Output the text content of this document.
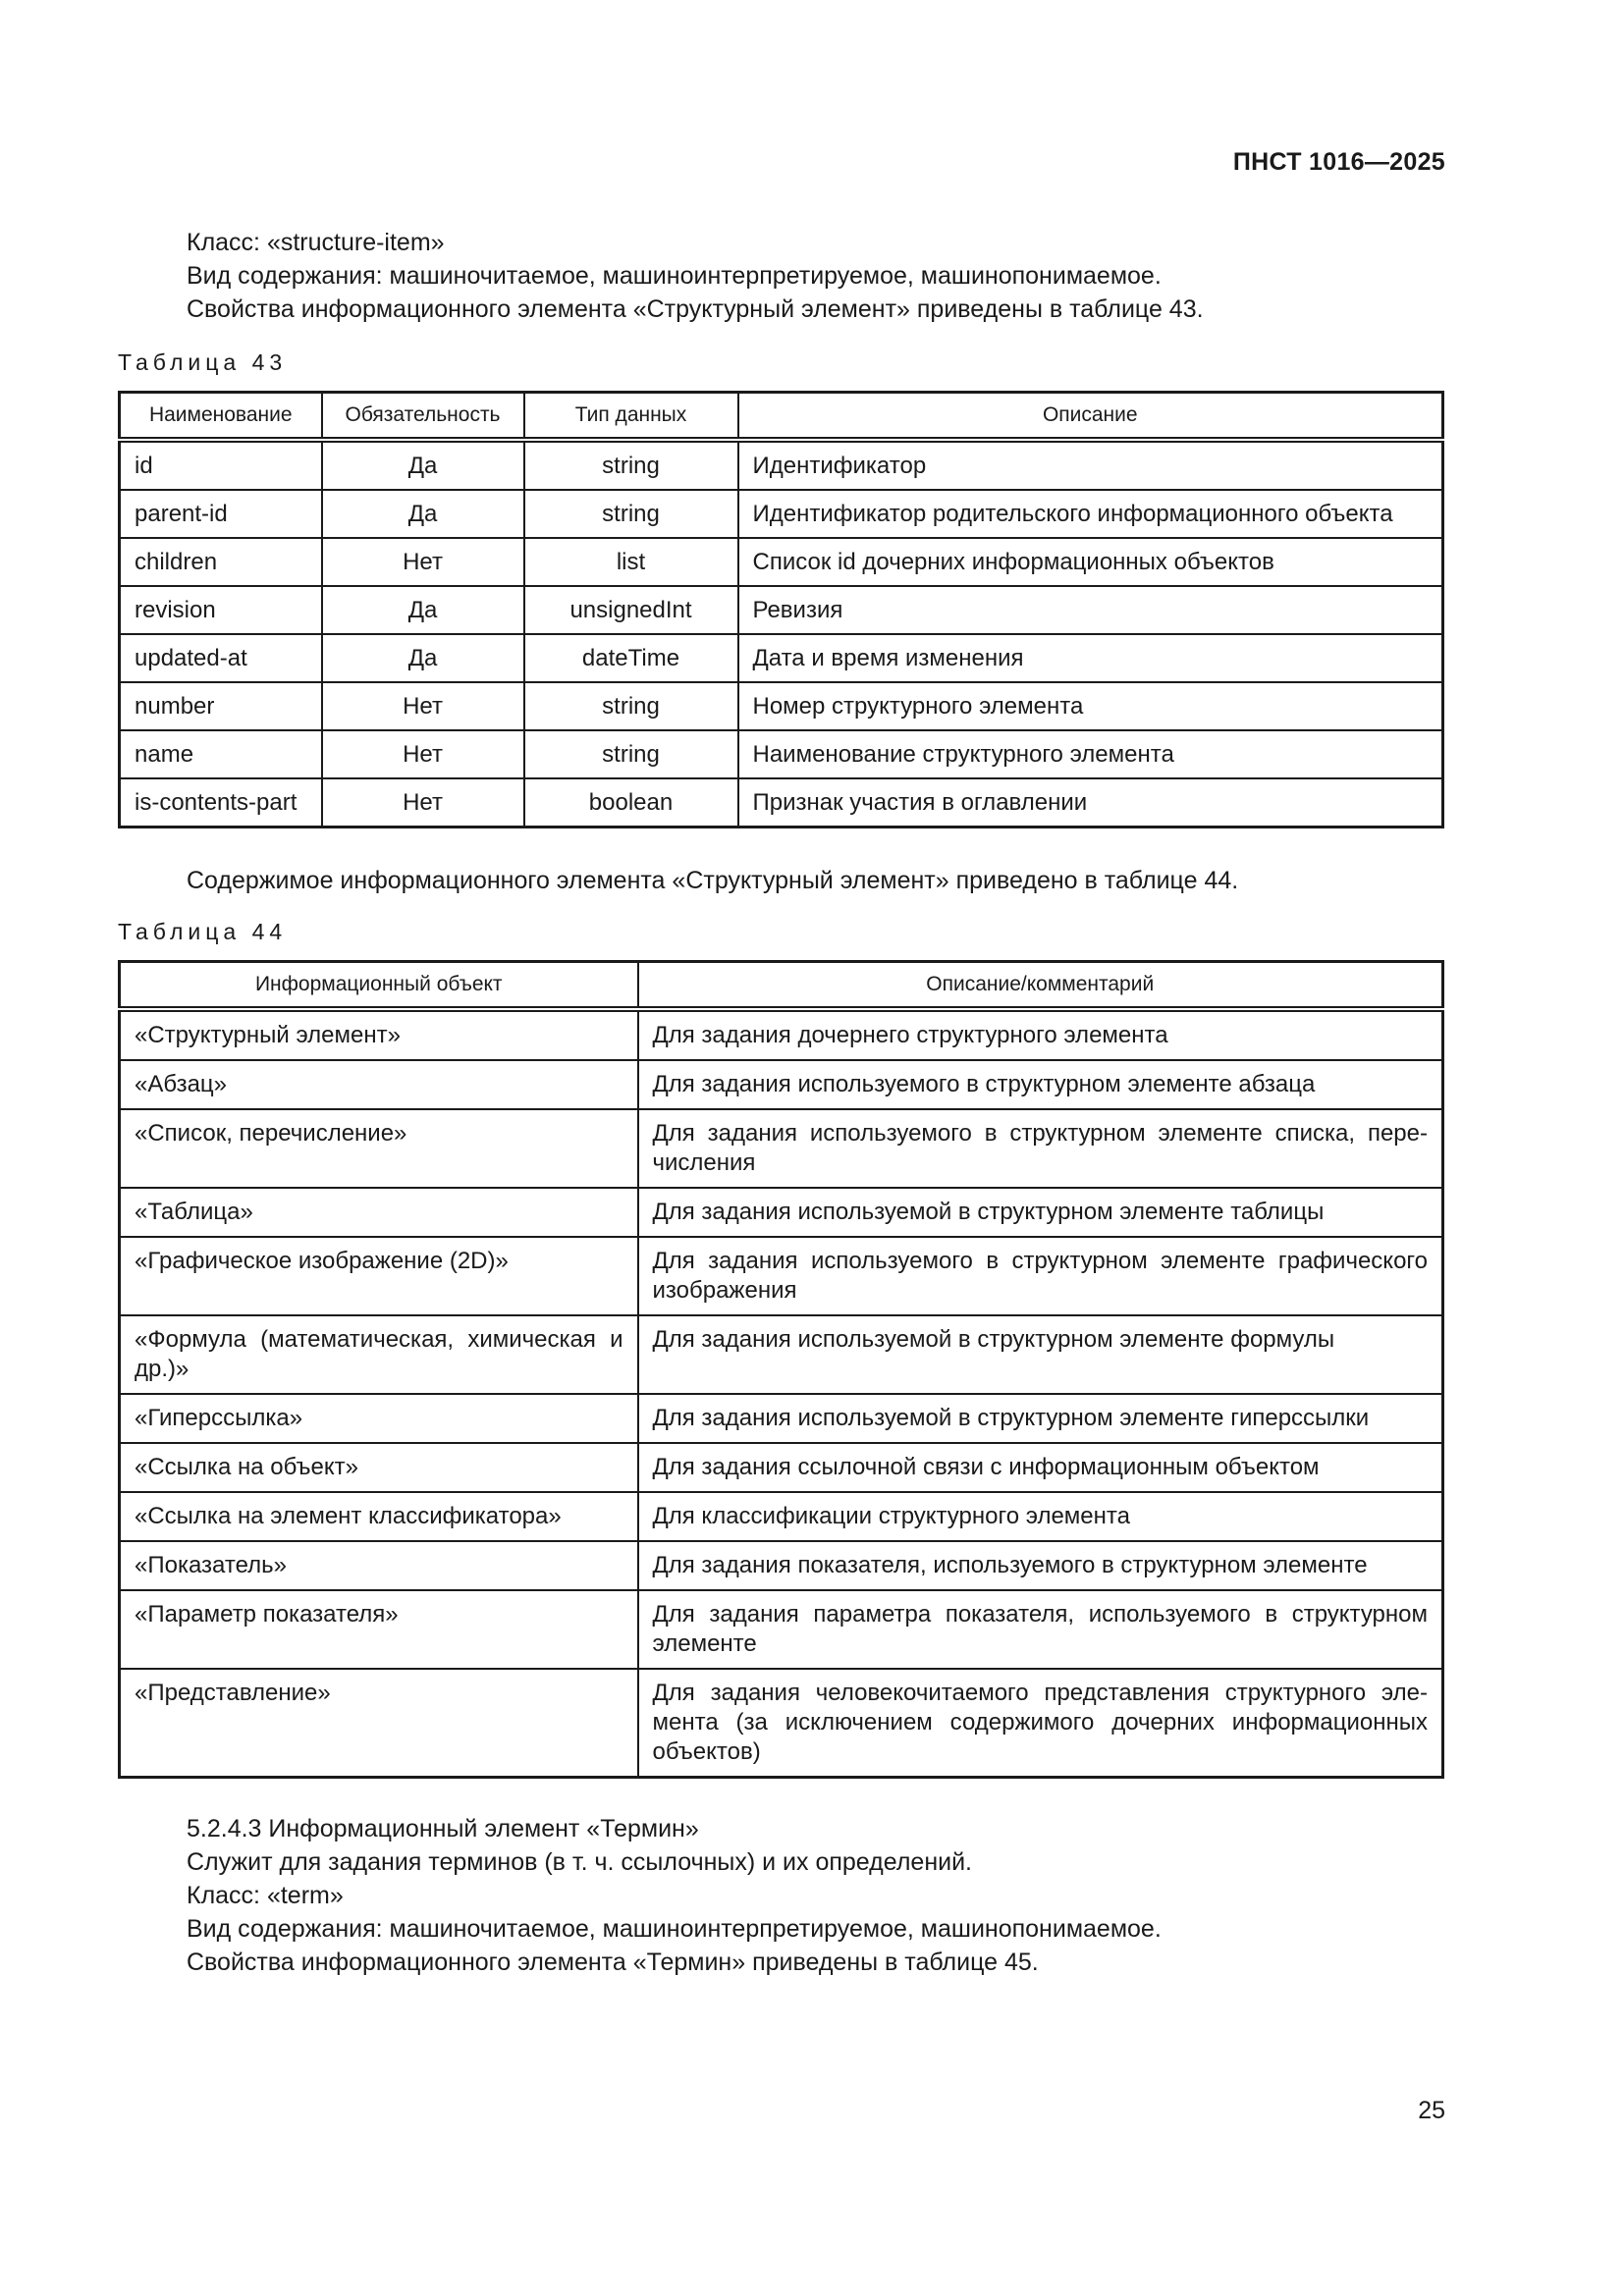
ПНСТ 1016—2025
Класс: «structure-item»
Вид содержания: машиночитаемое, машиноинтерпретируемое, машинопонимаемое.
Свойства информационного элемента «Структурный элемент» приведены в таблице 43.
Таблица 43
Наименование	Обязательность	Тип данных	Описание
id	Да	string	Идентификатор
parent-id	Да	string	Идентификатор родительского информационного объекта
children	Нет	list	Список id дочерних информационных объектов
revision	Да	unsignedInt	Ревизия
updated-at	Да	dateTime	Дата и время изменения
number	Нет	string	Номер структурного элемента
name	Нет	string	Наименование структурного элемента
is-contents-part	Нет	boolean	Признак участия в оглавлении
Содержимое информационного элемента «Структурный элемент» приведено в таблице 44.
Таблица 44
Информационный объект	Описание/комментарий
«Структурный элемент»	Для задания дочернего структурного элемента
«Абзац»	Для задания используемого в структурном элементе абзаца
«Список, перечисление»	Для задания используемого в структурном элементе списка, пере-числения
«Таблица»	Для задания используемой в структурном элементе таблицы
«Графическое изображение (2D)»	Для задания используемого в структурном элементе графического изображения
«Формула (математическая, химическая и др.)»	Для задания используемой в структурном элементе формулы
«Гиперссылка»	Для задания используемой в структурном элементе гиперссылки
«Ссылка на объект»	Для задания ссылочной связи с информационным объектом
«Ссылка на элемент классификатора»	Для классификации структурного элемента
«Показатель»	Для задания показателя, используемого в структурном элементе
«Параметр показателя»	Для задания параметра показателя, используемого в структурном элементе
«Представление»	Для задания человекочитаемого представления структурного эле-мента (за исключением содержимого дочерних информационных объектов)
5.2.4.3 Информационный элемент «Термин»
Служит для задания терминов (в т. ч. ссылочных) и их определений.
Класс: «term»
Вид содержания: машиночитаемое, машиноинтерпретируемое, машинопонимаемое.
Свойства информационного элемента «Термин» приведены в таблице 45.
25
